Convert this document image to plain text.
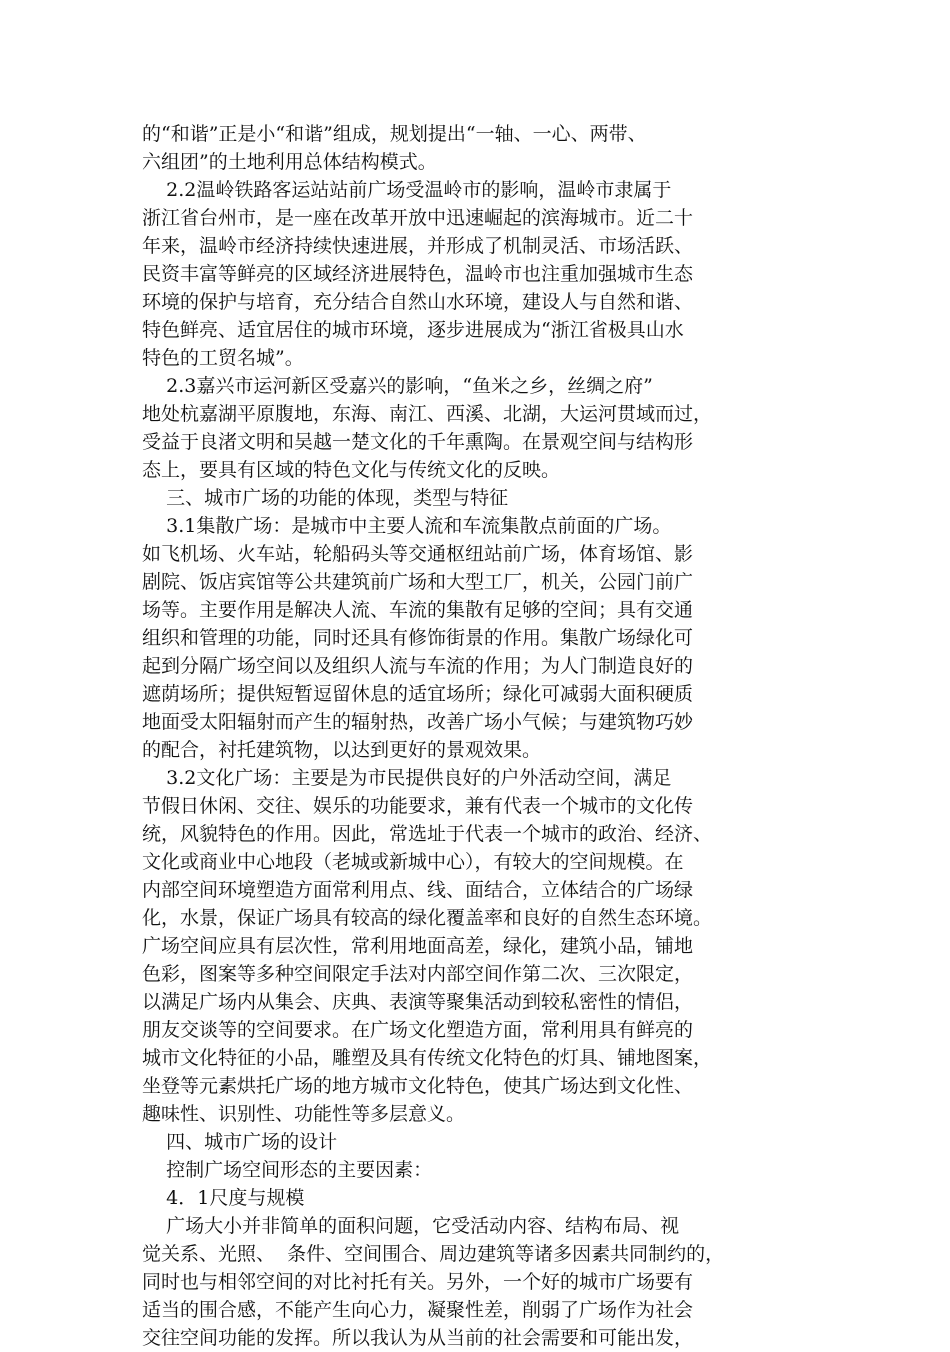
的“和谐”正是小“和谐”组成，规划提出“一轴、一心、两带、
六组团”的土地利用总体结构模式。
2.2温岭铁路客运站站前广场受温岭市的影响，温岭市隶属于
浙江省台州市，是一座在改革开放中迅速崛起的滨海城市。近二十
年来，温岭市经济持续快速进展，并形成了机制灵活、市场活跃、
民资丰富等鲜亮的区域经济进展特色，温岭市也注重加强城市生态
环境的保护与培育，充分结合自然山水环境，建设人与自然和谐、
特色鲜亮、适宜居住的城市环境，逐步进展成为“浙江省极具山水
特色的工贸名城”。
2.3嘉兴市运河新区受嘉兴的影响，“鱼米之乡，丝绸之府”
地处杭嘉湖平原腹地，东海、南江、西溪、北湖，大运河贯域而过，
受益于良渚文明和吴越一楚文化的千年熏陶。在景观空间与结构形
态上，要具有区域的特色文化与传统文化的反映。
三、城市广场的功能的体现，类型与特征
3.1集散广场：是城市中主要人流和车流集散点前面的广场。
如飞机场、火车站，轮船码头等交通枢纽站前广场，体育场馆、影
剧院、饭店宾馆等公共建筑前广场和大型工厂，机关，公园门前广
场等。主要作用是解决人流、车流的集散有足够的空间；具有交通
组织和管理的功能，同时还具有修饰街景的作用。集散广场绿化可
起到分隔广场空间以及组织人流与车流的作用；为人门制造良好的
遮荫场所；提供短暂逗留休息的适宜场所；绿化可减弱大面积硬质
地面受太阳辐射而产生的辐射热，改善广场小气候；与建筑物巧妙
的配合，衬托建筑物，以达到更好的景观效果。
3.2文化广场：主要是为市民提供良好的户外活动空间，满足
节假日休闲、交往、娱乐的功能要求，兼有代表一个城市的文化传
统，风貌特色的作用。因此，常选址于代表一个城市的政治、经济、
文化或商业中心地段（老城或新城中心），有较大的空间规模。在
内部空间环境塑造方面常利用点、线、面结合，立体结合的广场绿
化，水景，保证广场具有较高的绿化覆盖率和良好的自然生态环境。
广场空间应具有层次性，常利用地面高差，绿化，建筑小品，铺地
色彩，图案等多种空间限定手法对内部空间作第二次、三次限定，
以满足广场内从集会、庆典、表演等聚集活动到较私密性的情侣，
朋友交谈等的空间要求。在广场文化塑造方面，常利用具有鲜亮的
城市文化特征的小品，雕塑及具有传统文化特色的灯具、铺地图案，
坐登等元素烘托广场的地方城市文化特色，使其广场达到文化性、
趣味性、识别性、功能性等多层意义。
四、城市广场的设计
控制广场空间形态的主要因素：
4．1尺度与规模
广场大小并非简单的面积问题，它受活动内容、结构布局、视
觉关系、光照、  条件、空间围合、周边建筑等诸多因素共同制约的，
同时也与相邻空间的对比衬托有关。另外，一个好的城市广场要有
适当的围合感，不能产生向心力，凝聚性差，削弱了广场作为社会
交往空间功能的发挥。所以我认为从当前的社会需要和可能出发，
